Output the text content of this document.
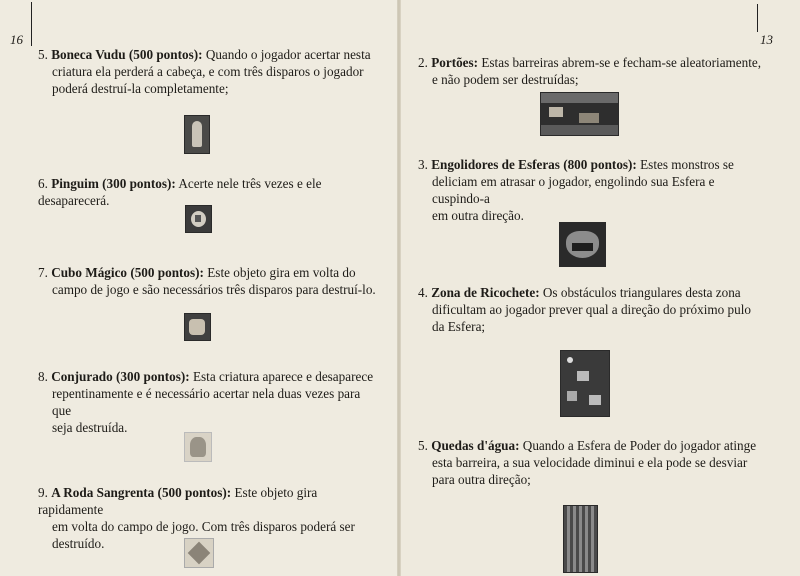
16	13

5. Boneca Vudu (500 pontos): Quando o jogador acertar nesta

criatura ela perderá a cabeça, e com três disparos o jogador

poderá destruí-la completamente;

6. Pinguim (300 pontos): Acerte nele três vezes e ele desaparecerá.

7. Cubo Mágico (500 pontos): Este objeto gira em volta do

campo de jogo e são necessários três disparos para destruí-lo.

8. Conjurado (300 pontos): Esta criatura aparece e desaparece

repentinamente e é necessário acertar nela duas vezes para que

seja destruída.

9. A Roda Sangrenta (500 pontos): Este objeto gira rapidamente

em volta do campo de jogo. Com três disparos poderá ser destruído.

2. Portões: Estas barreiras abrem-se e fecham-se aleatoriamente,

e não podem ser destruídas;

3. Engolidores de Esferas (800 pontos): Estes monstros se

deliciam em atrasar o jogador, engolindo sua Esfera e cuspindo-a

em outra direção.

4. Zona de Ricochete: Os obstáculos triangulares desta zona

dificultam ao jogador prever qual a direção do próximo pulo

da Esfera;

5. Quedas d'água: Quando a Esfera de Poder do jogador atinge

esta barreira, a sua velocidade diminui e ela pode se desviar

para outra direção;
